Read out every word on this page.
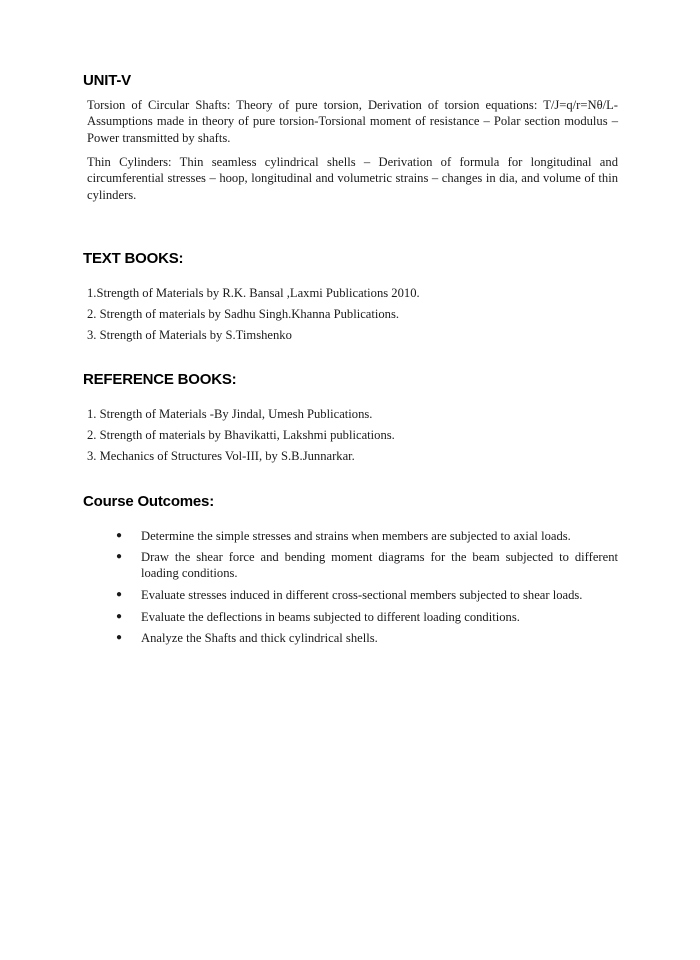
UNIT-V

Torsion of Circular Shafts: Theory of pure torsion, Derivation of torsion equations: T/J=q/r=Nθ/L- Assumptions made in theory of pure torsion-Torsional moment of resistance – Polar section modulus – Power transmitted by shafts.

Thin Cylinders: Thin seamless cylindrical shells – Derivation of formula for longitudinal and circumferential stresses – hoop, longitudinal and volumetric strains – changes in dia, and volume of thin cylinders.

TEXT BOOKS:

1.Strength of Materials by R.K. Bansal ,Laxmi Publications 2010.

2. Strength of materials by Sadhu Singh.Khanna Publications.

3. Strength of Materials by S.Timshenko

REFERENCE BOOKS:

1. Strength of Materials -By Jindal, Umesh Publications.

2. Strength of materials by Bhavikatti, Lakshmi publications.

3. Mechanics of Structures Vol-III, by S.B.Junnarkar.

Course Outcomes:
●	Determine the simple stresses and strains when members are subjected to axial loads.
●	Draw the shear force and bending moment diagrams for the beam subjected to different loading conditions.
●	Evaluate stresses induced in different cross-sectional members subjected to shear loads.
●	Evaluate the deflections in beams subjected to different loading conditions.
●	Analyze the Shafts and thick cylindrical shells.
